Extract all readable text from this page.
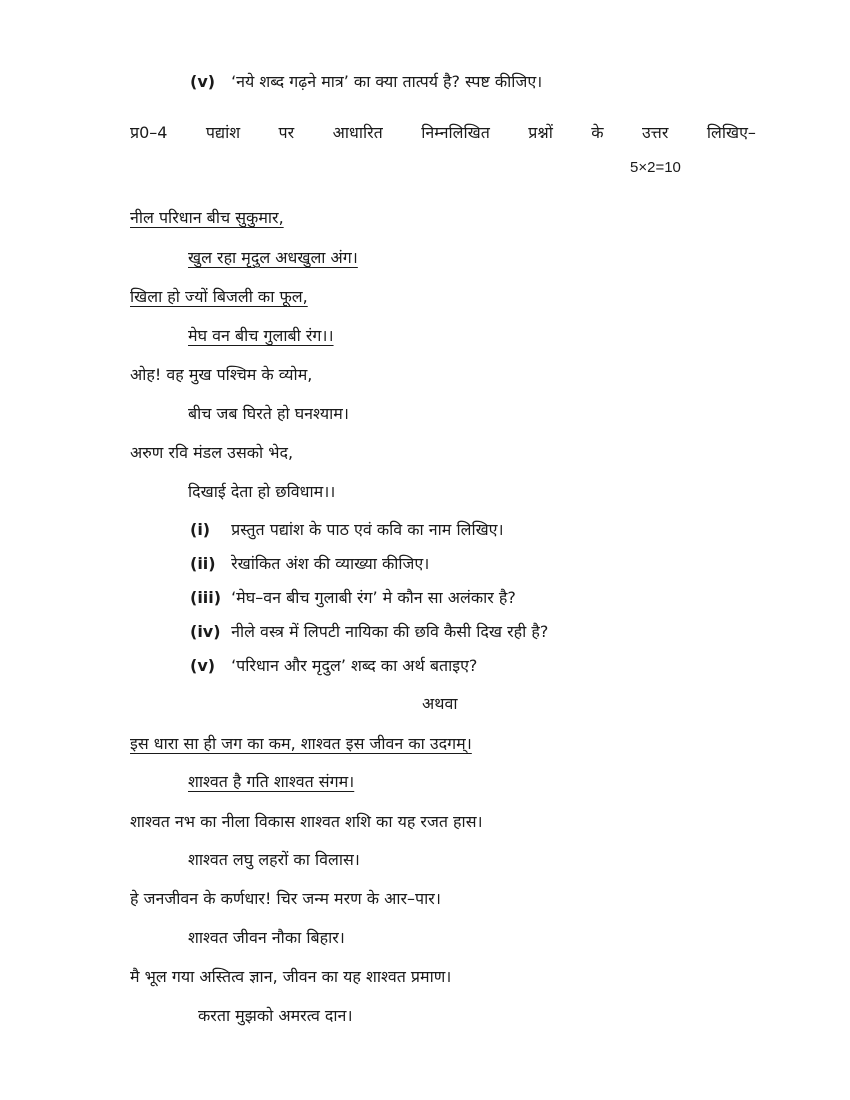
(v) ‘नये शब्द गढ़ने मात्र’ का क्या तात्पर्य है? स्पष्ट कीजिए।
प्र0–4 पद्यांश पर आधारित निम्नलिखित प्रश्नों के उत्तर लिखिए–
5×2=10
नील परिधान बीच सुकुमार,
खुल रहा मृदुल अधखुला अंग।
खिला हो ज्यों बिजली का फूल,
मेघ वन बीच गुलाबी रंग।।
ओह! वह मुख पश्चिम के व्योम,
बीच जब घिरते हो घनश्याम।
अरुण रवि मंडल उसको भेद,
दिखाई देता हो छविधाम।।
(i) प्रस्तुत पद्यांश के पाठ एवं कवि का नाम लिखिए।
(ii) रेखांकित अंश की व्याख्या कीजिए।
(iii) ‘मेघ–वन बीच गुलाबी रंग’ मे कौन सा अलंकार है?
(iv) नीले वस्त्र में लिपटी नायिका की छवि कैसी दिख रही है?
(v) ‘परिधान और मृदुल’ शब्द का अर्थ बताइए?
अथवा
इस धारा सा ही जग का कम, शाश्वत इस जीवन का उदगम्।
शाश्वत है गति शाश्वत संगम।
शाश्वत नभ का नीला विकास शाश्वत शशि का यह रजत हास।
शाश्वत लघु लहरों का विलास।
हे जनजीवन के कर्णधार! चिर जन्म मरण के आर–पार।
शाश्वत जीवन नौका बिहार।
मै भूल गया अस्तित्व ज्ञान, जीवन का यह शाश्वत प्रमाण।
करता मुझको अमरत्व दान।
